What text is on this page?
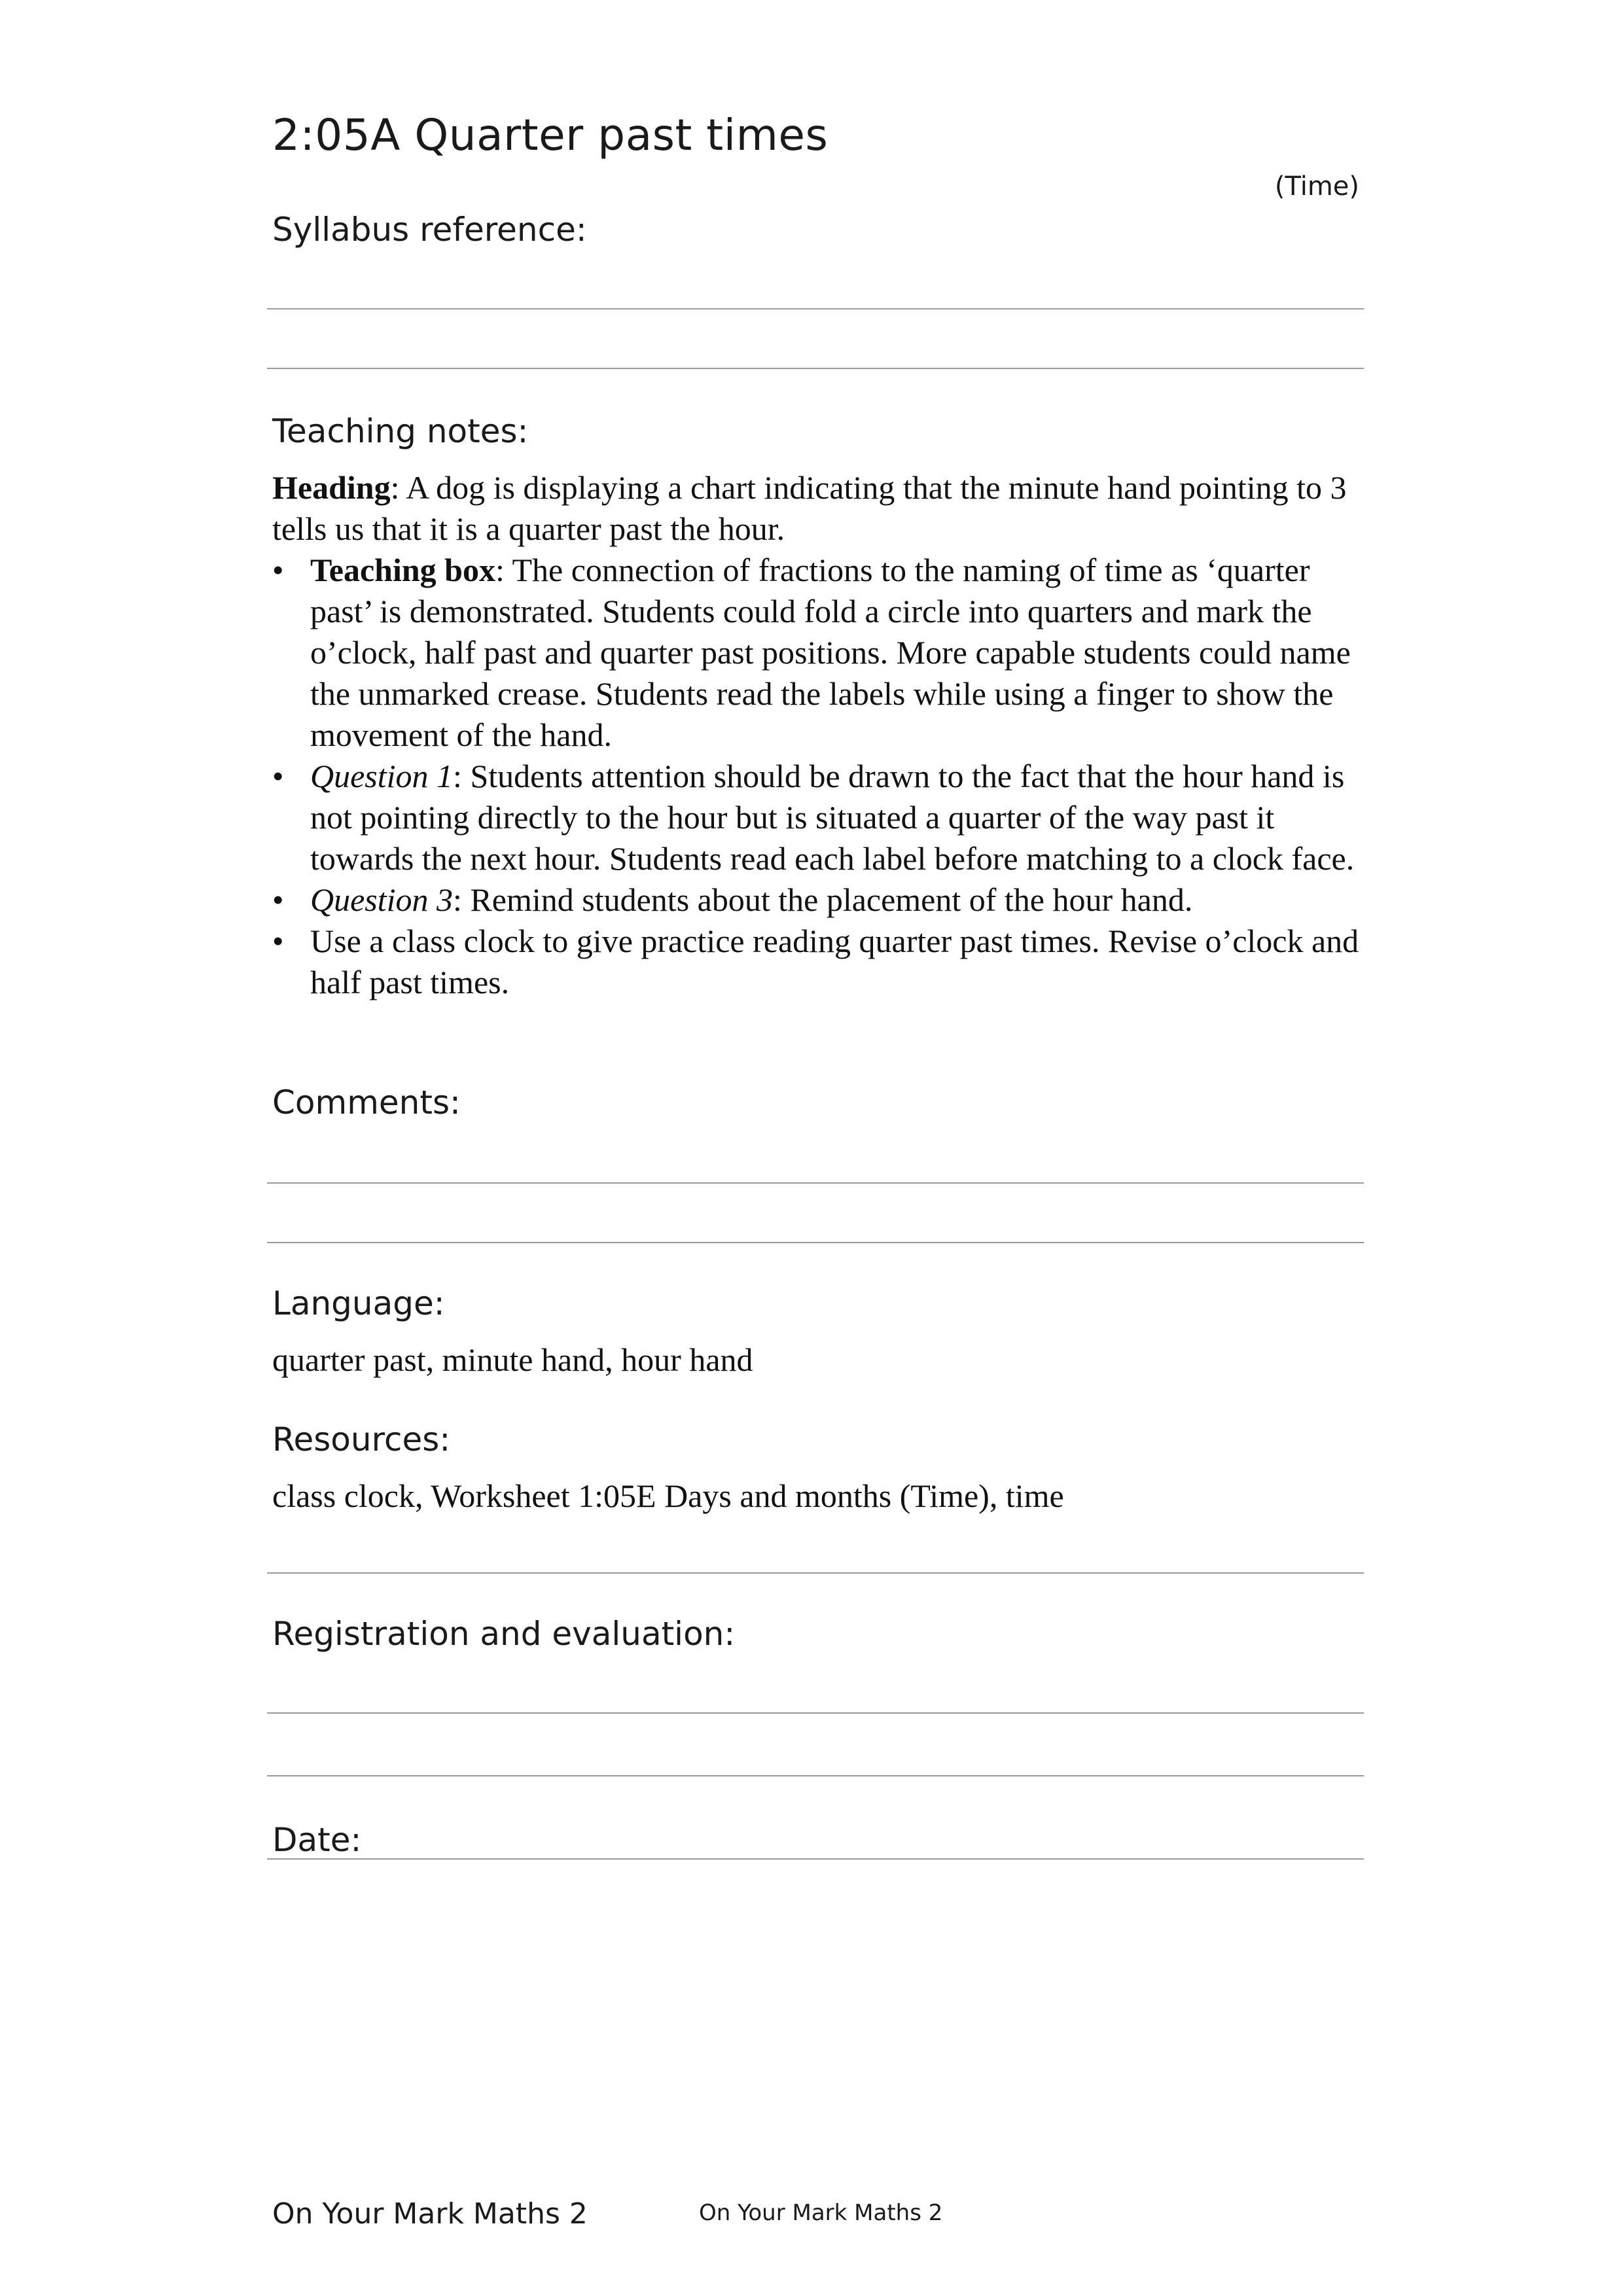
2:05A Quarter past times
(Time)
Syllabus reference:
Teaching notes:

Heading: A dog is displaying a chart indicating that the minute hand pointing to 3 tells us that it is a quarter past the hour.

• Teaching box: The connection of fractions to the naming of time as ‘quarter past’ is demonstrated. Students could fold a circle into quarters and mark the o’clock, half past and quarter past positions. More capable students could name the unmarked crease. Students read the labels while using a finger to show the movement of the hand.
• Question 1: Students attention should be drawn to the fact that the hour hand is not pointing directly to the hour but is situated a quarter of the way past it towards the next hour. Students read each label before matching to a clock face.
• Question 3: Remind students about the placement of the hour hand.
• Use a class clock to give practice reading quarter past times. Revise o’clock and half past times.
Comments:
Language:
quarter past, minute hand, hour hand
Resources:
class clock, Worksheet 1:05E Days and months (Time), time
Registration and evaluation:
Date:
On Your Mark Maths 2	On Your Mark Maths 2
